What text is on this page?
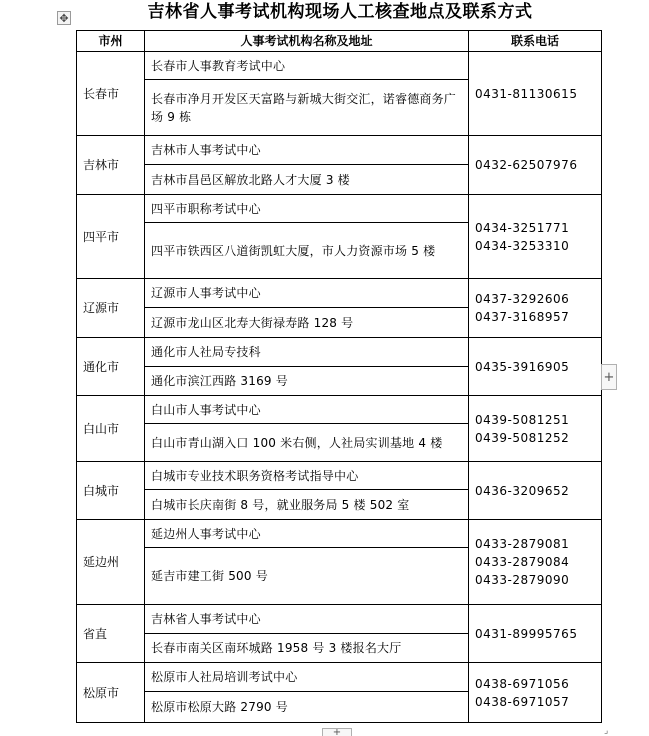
吉林省人事考试机构现场人工核查地点及联系方式
✥
市州	人事考试机构名称及地址	联系电话
长春市	长春市人事教育考试中心	0431-81130615

	长春市净月开发区天富路与新城大街交汇，诺睿德商务广场 9 栋	
吉林市	吉林市人事考试中心	0432-62507976

	吉林市昌邑区解放北路人才大厦 3 楼	
四平市	四平市职称考试中心	0434-3251771
0434-3253310

	四平市铁西区八道街凯虹大厦，市人力资源市场 5 楼	
辽源市	辽源市人事考试中心	0437-3292606
0437-3168957

	辽源市龙山区北寿大街禄寿路 128 号	
通化市	通化市人社局专技科	0435-3916905

	通化市滨江西路 3169 号	
白山市	白山市人事考试中心	0439-5081251
0439-5081252

	白山市青山湖入口 100 米右侧，人社局实训基地 4 楼	
白城市	白城市专业技术职务资格考试指导中心	0436-3209652

	白城市长庆南街 8 号，就业服务局 5 楼 502 室	
延边州	延边州人事考试中心	0433-2879081
0433-2879084
0433-2879090

	延吉市建工街 500 号	
省直	吉林省人事考试中心	0431-89995765

	长春市南关区南环城路 1958 号 3 楼报名大厅	
松原市	松原市人社局培训考试中心	0438-6971056
0438-6971057

	松原市松原大路 2790 号	
+
+	⌟
